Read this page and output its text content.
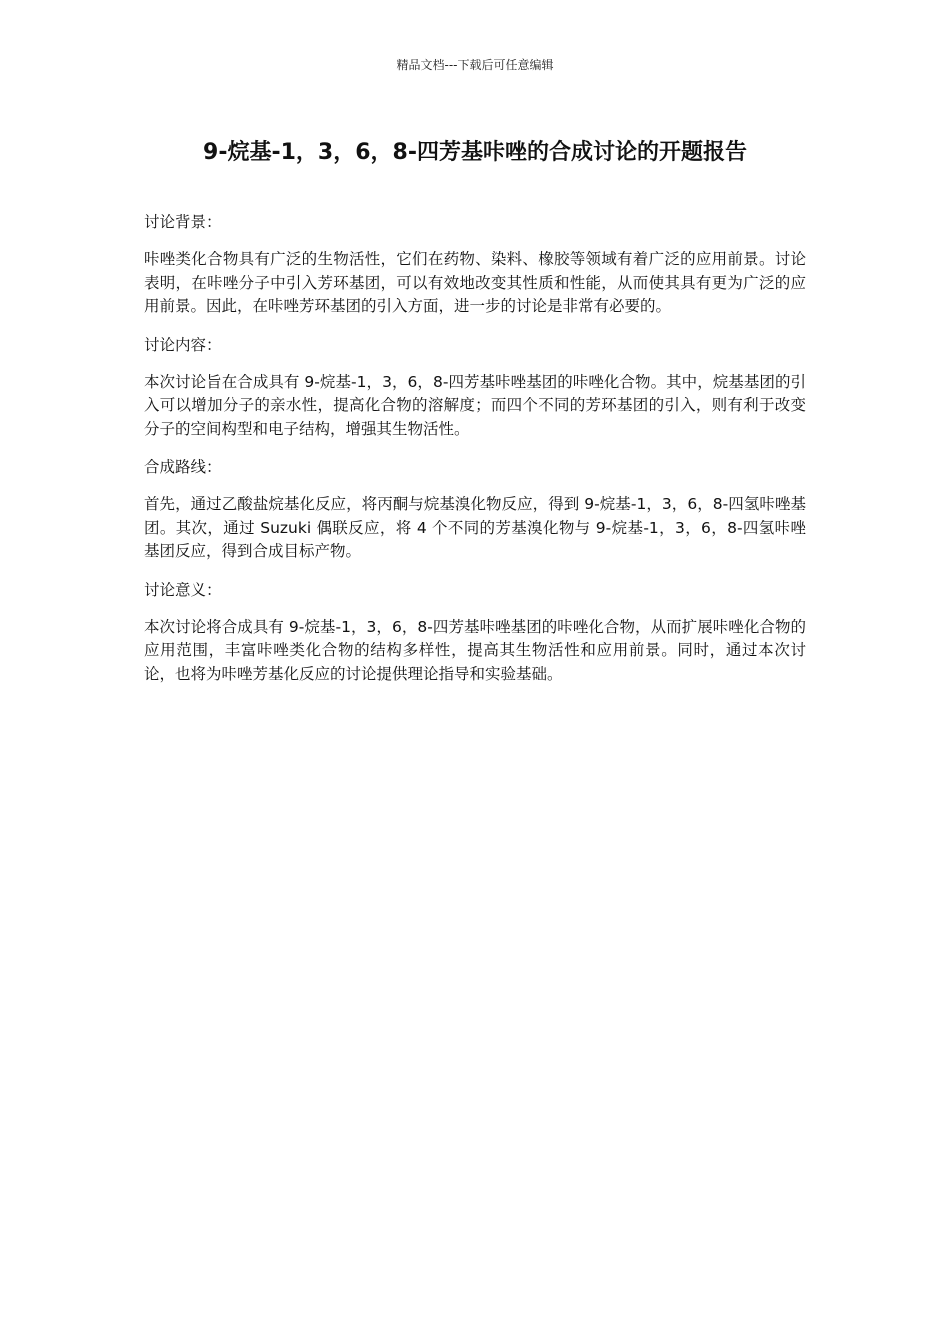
精品文档---下载后可任意编辑
9-烷基-1，3，6，8-四芳基咔唑的合成讨论的开题报告

讨论背景：

咔唑类化合物具有广泛的生物活性，它们在药物、染料、橡胶等领域有着广泛的应用前景。讨论表明，在咔唑分子中引入芳环基团，可以有效地改变其性质和性能，从而使其具有更为广泛的应用前景。因此，在咔唑芳环基团的引入方面，进一步的讨论是非常有必要的。

讨论内容：

本次讨论旨在合成具有 9-烷基-1，3，6，8-四芳基咔唑基团的咔唑化合物。其中，烷基基团的引入可以增加分子的亲水性，提高化合物的溶解度；而四个不同的芳环基团的引入，则有利于改变分子的空间构型和电子结构，增强其生物活性。

合成路线：

首先，通过乙酸盐烷基化反应，将丙酮与烷基溴化物反应，得到 9-烷基-1，3，6，8-四氢咔唑基团。其次，通过 Suzuki 偶联反应，将 4 个不同的芳基溴化物与 9-烷基-1，3，6，8-四氢咔唑基团反应，得到合成目标产物。

讨论意义：

本次讨论将合成具有 9-烷基-1，3，6，8-四芳基咔唑基团的咔唑化合物，从而扩展咔唑化合物的应用范围，丰富咔唑类化合物的结构多样性，提高其生物活性和应用前景。同时，通过本次讨论，也将为咔唑芳基化反应的讨论提供理论指导和实验基础。
